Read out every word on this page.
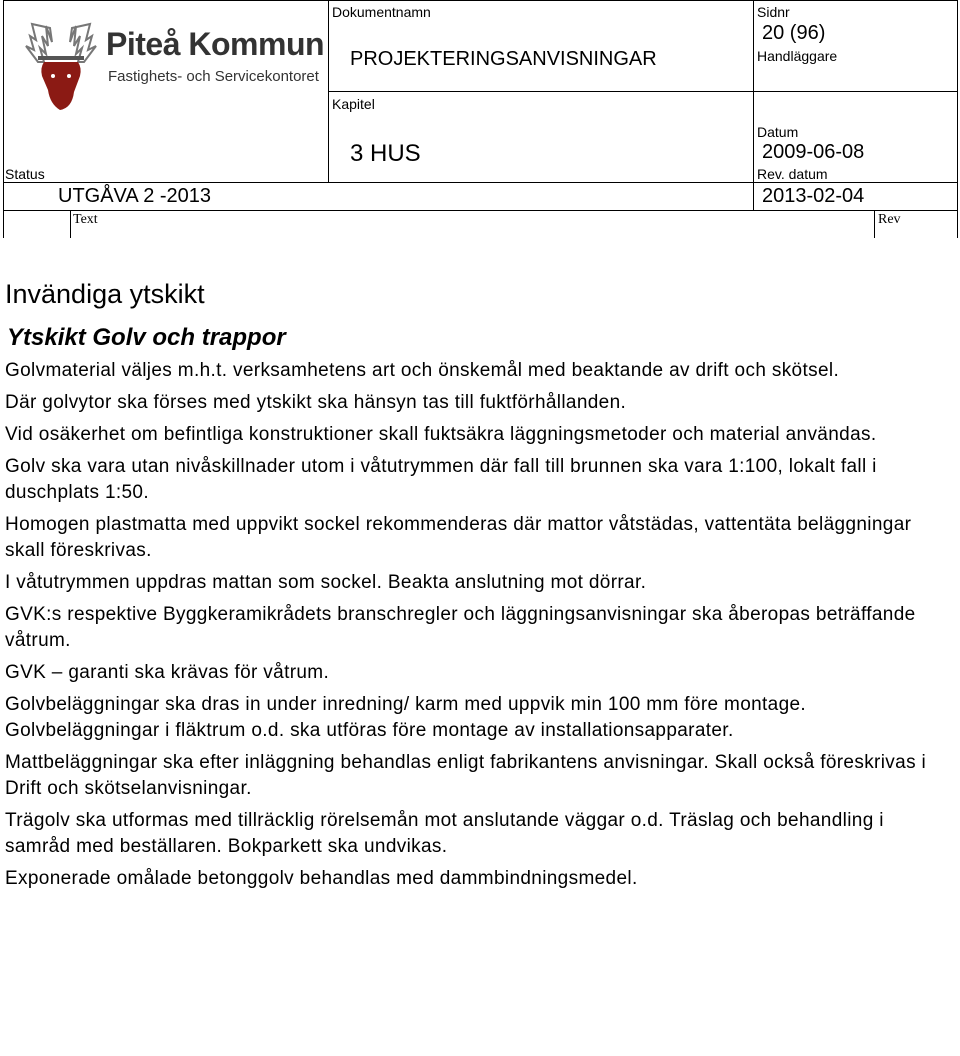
Piteå Kommun
Fastighets- och Servicekontoret
Dokumentnamn
PROJEKTERINGSANVISNINGAR
Sidnr
20 (96)
Handläggare
Kapitel
3 HUS
Datum
2009-06-08
Status
UTGÅVA 2 -2013
Rev. datum
2013-02-04
Text	Rev
Invändiga ytskikt
Ytskikt Golv och trappor

Golvmaterial väljes m.h.t. verksamhetens art och önskemål med beaktande av drift och skötsel.

Där golvytor ska förses med ytskikt ska hänsyn tas till fuktförhållanden.

Vid osäkerhet om befintliga konstruktioner skall fuktsäkra läggningsmetoder och material användas.

Golv ska vara utan nivåskillnader utom i våtutrymmen där fall till brunnen ska vara 1:100, lokalt fall i duschplats 1:50.

Homogen plastmatta med uppvikt sockel rekommenderas där mattor våtstädas, vattentäta beläggningar skall föreskrivas.

I våtutrymmen uppdras mattan som sockel. Beakta anslutning mot dörrar.

GVK:s respektive Byggkeramikrådets branschregler och läggningsanvisningar ska åberopas beträffande våtrum.

GVK – garanti ska krävas för våtrum.

Golvbeläggningar ska dras in under inredning/ karm med uppvik min 100 mm före montage. Golvbeläggningar i fläktrum o.d. ska utföras före montage av installationsapparater.

Mattbeläggningar ska efter inläggning behandlas enligt fabrikantens anvisningar. Skall också föreskrivas i Drift och skötselanvisningar.

Trägolv ska utformas med tillräcklig rörelsemån mot anslutande väggar o.d. Träslag och behandling i samråd med beställaren. Bokparkett ska undvikas.

Exponerade omålade betonggolv behandlas med dammbindningsmedel.
